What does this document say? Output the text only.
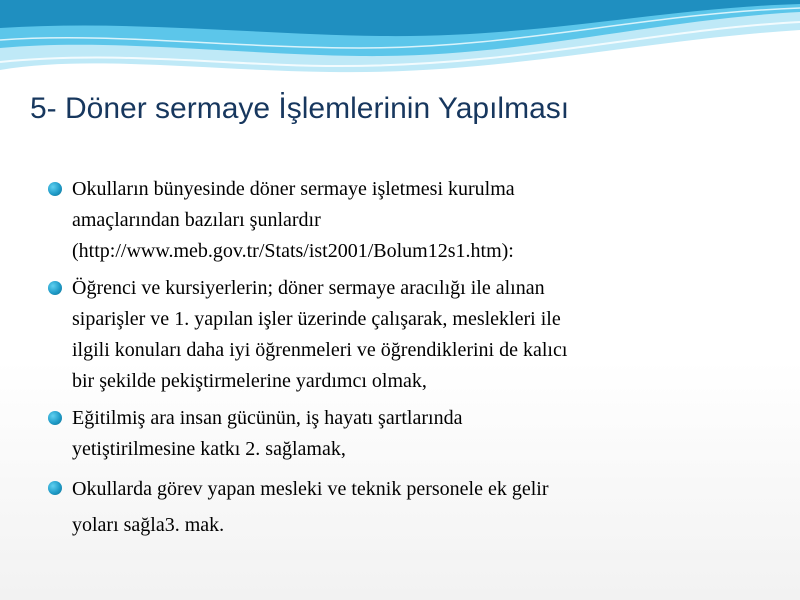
5- Döner sermaye İşlemlerinin Yapılması
Okulların bünyesinde döner sermaye işletmesi kurulma
amaçlarından bazıları şunlardır
(http://www.meb.gov.tr/Stats/ist2001/Bolum12s1.htm):
Öğrenci ve kursiyerlerin; döner sermaye aracılığı ile alınan
siparişler ve 1. yapılan işler üzerinde çalışarak, meslekleri ile
ilgili konuları daha iyi öğrenmeleri ve öğrendiklerini de kalıcı
bir şekilde pekiştirmelerine yardımcı olmak,
Eğitilmiş ara insan gücünün, iş hayatı şartlarında
yetiştirilmesine katkı 2. sağlamak,
Okullarda görev yapan mesleki ve teknik personele ek gelir
yoları sağla3. mak.
